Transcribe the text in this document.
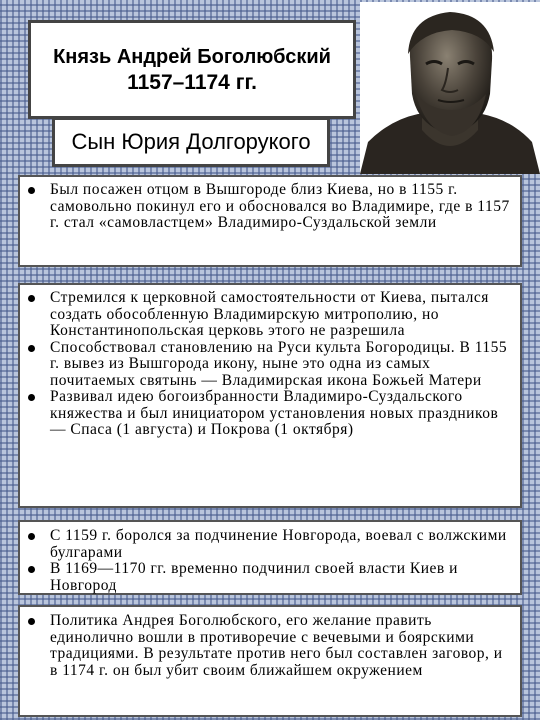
Князь Андрей Боголюбский
1157–1174 гг.
Сын Юрия Долгорукого
Был посажен отцом в Вышгороде близ Киева, но в 1155 г. самовольно покинул его и обосновался во Владимире, где в 1157 г. стал «самовластцем» Владимиро-Суздальской земли
Стремился к церковной самостоятельности от Киева, пытался создать обособленную Владимирскую митрополию, но Константинопольская церковь этого не разрешила
Способствовал становлению на Руси культа Богородицы. В 1155 г. вывез из Вышгорода икону, ныне это одна из самых почитаемых святынь — Владимирская икона Божьей Матери
Развивал идею богоизбранности Владимиро-Суздальского княжества и был инициатором установления новых праздников — Спаса (1 августа) и Покрова (1 октября)
С 1159 г. боролся за подчинение Новгорода, воевал с волжскими булгарами
В 1169—1170 гг. временно подчинил своей власти Киев и Новгород
Политика Андрея Боголюбского, его желание править единолично вошли в противоречие с вечевыми и боярскими традициями. В результате против него был составлен заговор, и в 1174 г. он был убит своим ближайшем окружением
